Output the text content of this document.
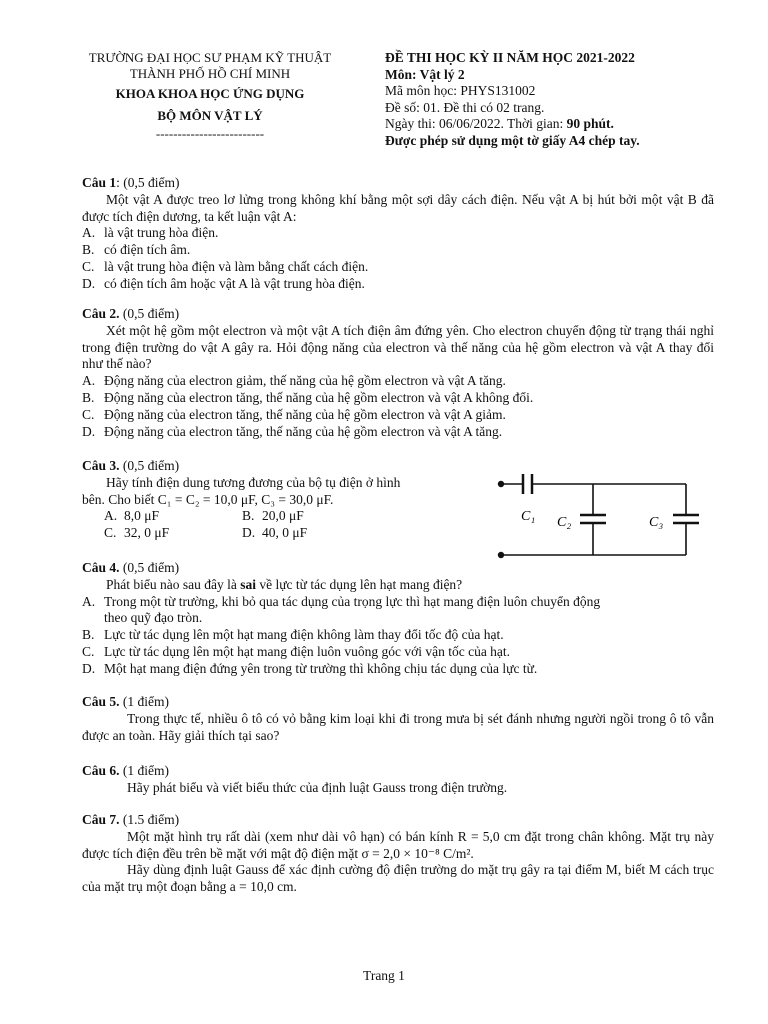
TRƯỜNG ĐẠI HỌC SƯ PHẠM KỸ THUẬT
THÀNH PHỐ HỒ CHÍ MINH
KHOA KHOA HỌC ỨNG DỤNG
BỘ MÔN VẬT LÝ
-------------------------
ĐỀ THI HỌC KỲ II NĂM HỌC 2021-2022
Môn: Vật lý 2
Mã môn học: PHYS131002
Đề số: 01. Đề thi có 02 trang.
Ngày thi: 06/06/2022. Thời gian: 90 phút.
Được phép sử dụng một tờ giấy A4 chép tay.
Câu 1: (0,5 điểm)
Một vật A được treo lơ lửng trong không khí bằng một sợi dây cách điện. Nếu vật A bị hút bởi một vật B đã được tích điện dương, ta kết luận vật A:
A. là vật trung hòa điện.
B. có điện tích âm.
C. là vật trung hòa điện và làm bằng chất cách điện.
D. có điện tích âm hoặc vật A là vật trung hòa điện.
Câu 2. (0,5 điểm)
Xét một hệ gồm một electron và một vật A tích điện âm đứng yên. Cho electron chuyển động từ trạng thái nghỉ trong điện trường do vật A gây ra. Hỏi động năng của electron và thế năng của hệ gồm electron và vật A thay đổi như thế nào?
A. Động năng của electron giảm, thế năng của hệ gồm electron và vật A tăng.
B. Động năng của electron tăng, thế năng của hệ gồm electron và vật A không đổi.
C. Động năng của electron tăng, thế năng của hệ gồm electron và vật A giảm.
D. Động năng của electron tăng, thế năng của hệ gồm electron và vật A tăng.
Câu 3. (0,5 điểm)
Hãy tính điện dung tương đương của bộ tụ điện ở hình
bên. Cho biết C₁ = C₂ = 10,0 μF, C₃ = 30,0 μF.
A. 8,0 μF	B. 20,0 μF
C. 32, 0 μF	D. 40, 0 μF
C₁ C₂	C₃
Câu 4. (0,5 điểm)
Phát biểu nào sau đây là sai về lực từ tác dụng lên hạt mang điện?
A. Trong một từ trường, khi bỏ qua tác dụng của trọng lực thì hạt mang điện luôn chuyển động
theo quỹ đạo tròn.
B. Lực từ tác dụng lên một hạt mang điện không làm thay đổi tốc độ của hạt.
C. Lực từ tác dụng lên một hạt mang điện luôn vuông góc với vận tốc của hạt.
D. Một hạt mang điện đứng yên trong từ trường thì không chịu tác dụng của lực từ.
Câu 5. (1 điểm)
Trong thực tế, nhiều ô tô có vỏ bằng kim loại khi đi trong mưa bị sét đánh nhưng người ngồi trong ô tô vẫn được an toàn. Hãy giải thích tại sao?
Câu 6. (1 điểm)
Hãy phát biểu và viết biểu thức của định luật Gauss trong điện trường.
Câu 7. (1.5 điểm)
Một mặt hình trụ rất dài (xem như dài vô hạn) có bán kính R = 5,0 cm đặt trong chân không. Mặt trụ này được tích điện đều trên bề mặt với mật độ điện mặt σ = 2,0 × 10⁻⁸ C/m².
Hãy dùng định luật Gauss để xác định cường độ điện trường do mặt trụ gây ra tại điểm M, biết M cách trục của mặt trụ một đoạn bằng a = 10,0 cm.
Trang 1
